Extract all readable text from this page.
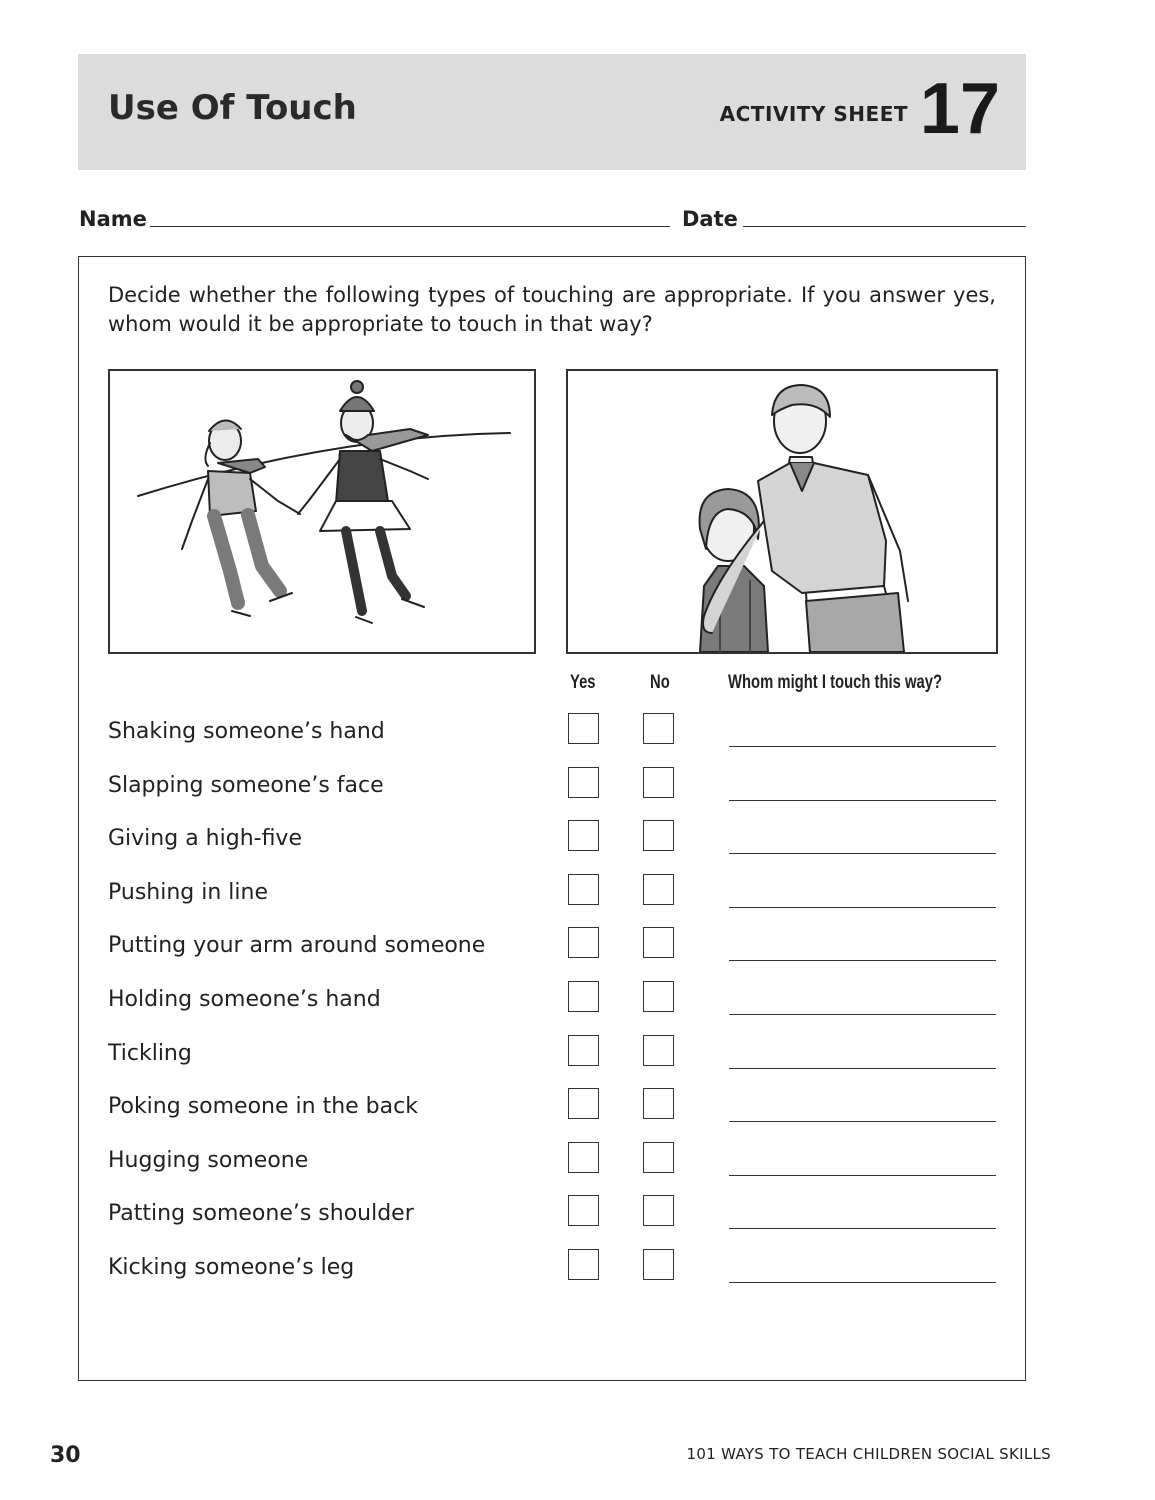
Use Of Touch	ACTIVITY SHEET 17
Name	Date
Decide whether the following types of touching are appropriate. If you answer yes, whom would it be appropriate to touch in that way?
Yes	No	Whom might I touch this way?
Shaking someone’s hand
Slapping someone’s face
Giving a high-five
Pushing in line
Putting your arm around someone
Holding someone’s hand
Tickling
Poking someone in the back
Hugging someone
Patting someone’s shoulder
Kicking someone’s leg
30	101 WAYS TO TEACH CHILDREN SOCIAL SKILLS
